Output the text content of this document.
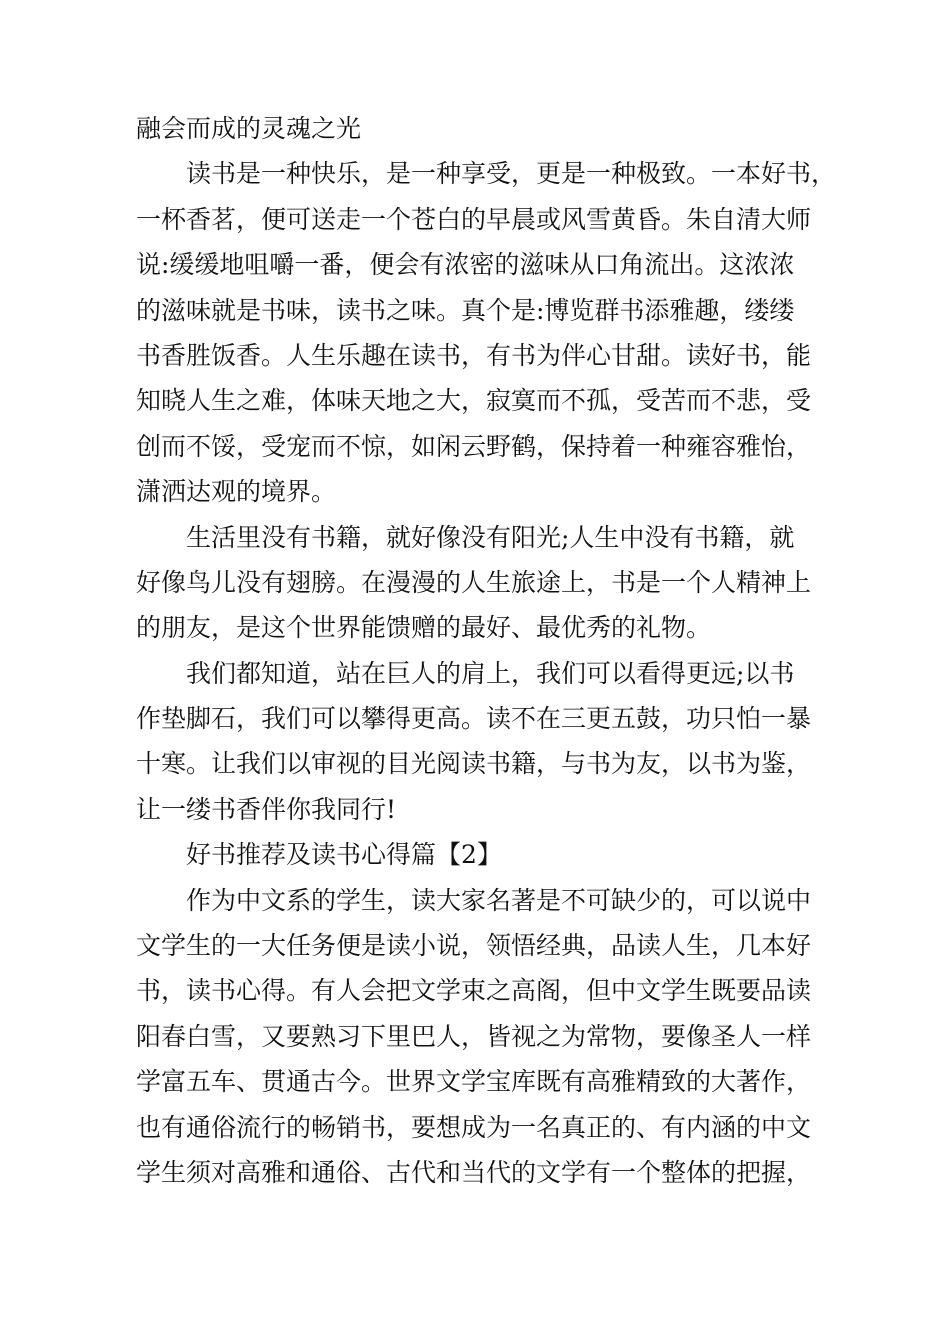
融会而成的灵魂之光
读书是一种快乐，是一种享受，更是一种极致。一本好书，
一杯香茗，便可送走一个苍白的早晨或风雪黄昏。朱自清大师
说:缓缓地咀嚼一番，便会有浓密的滋味从口角流出。这浓浓
的滋味就是书味，读书之味。真个是:博览群书添雅趣，缕缕
书香胜饭香。人生乐趣在读书，有书为伴心甘甜。读好书，能
知晓人生之难，体味天地之大，寂寞而不孤，受苦而不悲，受
创而不馁，受宠而不惊，如闲云野鹤，保持着一种雍容雅怡，
潇洒达观的境界。
生活里没有书籍，就好像没有阳光;人生中没有书籍，就
好像鸟儿没有翅膀。在漫漫的人生旅途上，书是一个人精神上
的朋友，是这个世界能馈赠的最好、最优秀的礼物。
我们都知道，站在巨人的肩上，我们可以看得更远;以书
作垫脚石，我们可以攀得更高。读不在三更五鼓，功只怕一暴
十寒。让我们以审视的目光阅读书籍，与书为友，以书为鉴，
让一缕书香伴你我同行!
好书推荐及读书心得篇【2】
作为中文系的学生，读大家名著是不可缺少的，可以说中
文学生的一大任务便是读小说，领悟经典，品读人生，几本好
书，读书心得。有人会把文学束之高阁，但中文学生既要品读
阳春白雪，又要熟习下里巴人，皆视之为常物，要像圣人一样
学富五车、贯通古今。世界文学宝库既有高雅精致的大著作，
也有通俗流行的畅销书，要想成为一名真正的、有内涵的中文
学生须对高雅和通俗、古代和当代的文学有一个整体的把握，
